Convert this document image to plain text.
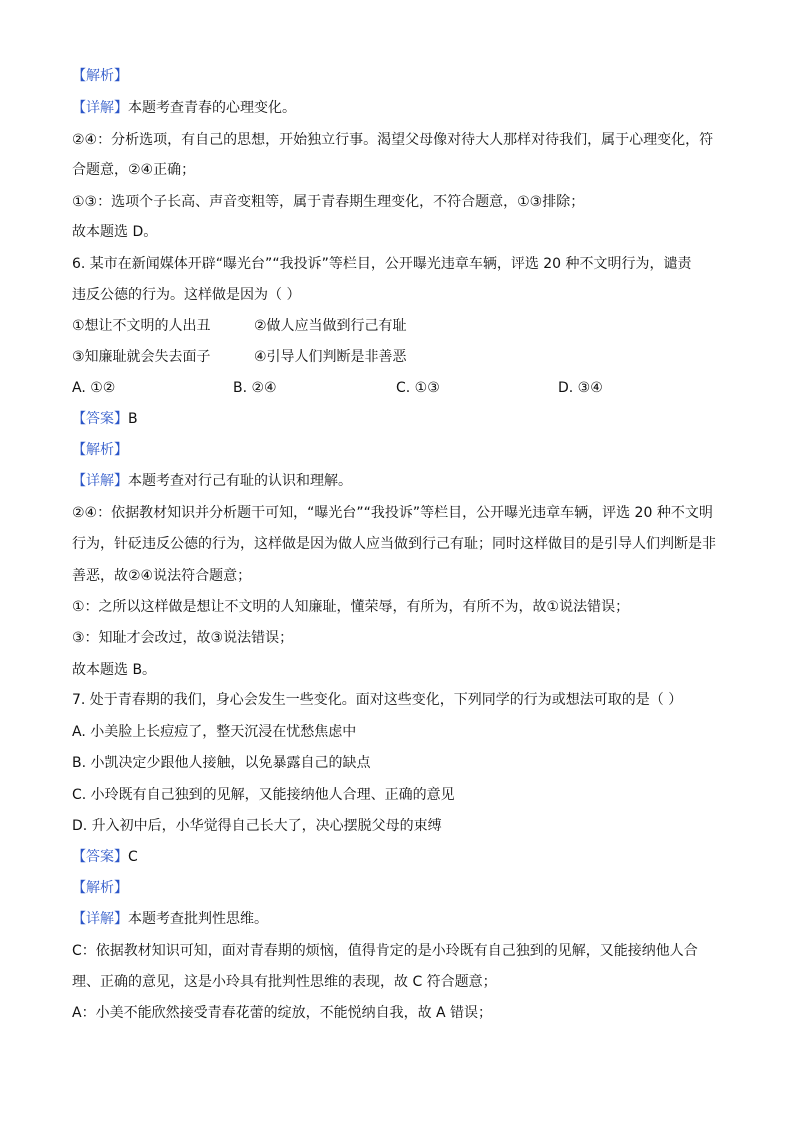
【解析】
【详解】本题考查青春的心理变化。
②④：分析选项，有自己的思想，开始独立行事。渴望父母像对待大人那样对待我们，属于心理变化，符
合题意，②④正确；
①③：选项个子长高、声音变粗等，属于青春期生理变化，不符合题意，①③排除；
故本题选 D。
6. 某市在新闻媒体开辟“曝光台”“我投诉”等栏目，公开曝光违章车辆，评选 20 种不文明行为，谴责
违反公德的行为。这样做是因为（ ）
①想让不文明的人出丑	②做人应当做到行己有耻
③知廉耻就会失去面子	④引导人们判断是非善恶
A. ①②	B. ②④	C. ①③	D. ③④
【答案】B
【解析】
【详解】本题考查对行己有耻的认识和理解。
②④：依据教材知识并分析题干可知，“曝光台”“我投诉”等栏目，公开曝光违章车辆，评选 20 种不文明
行为，针砭违反公德的行为，这样做是因为做人应当做到行己有耻；同时这样做目的是引导人们判断是非
善恶，故②④说法符合题意；
①：之所以这样做是想让不文明的人知廉耻，懂荣辱，有所为，有所不为，故①说法错误；
③：知耻才会改过，故③说法错误；
故本题选 B。
7. 处于青春期的我们，身心会发生一些变化。面对这些变化，下列同学的行为或想法可取的是（ ）
A. 小美脸上长痘痘了，整天沉浸在忧愁焦虑中
B. 小凯决定少跟他人接触，以免暴露自己的缺点
C. 小玲既有自己独到的见解，又能接纳他人合理、正确的意见
D. 升入初中后，小华觉得自己长大了，决心摆脱父母的束缚
【答案】C
【解析】
【详解】本题考查批判性思维。
C：依据教材知识可知，面对青春期的烦恼，值得肯定的是小玲既有自己独到的见解，又能接纳他人合
理、正确的意见，这是小玲具有批判性思维的表现，故 C 符合题意；
A：小美不能欣然接受青春花蕾的绽放，不能悦纳自我，故 A 错误；
